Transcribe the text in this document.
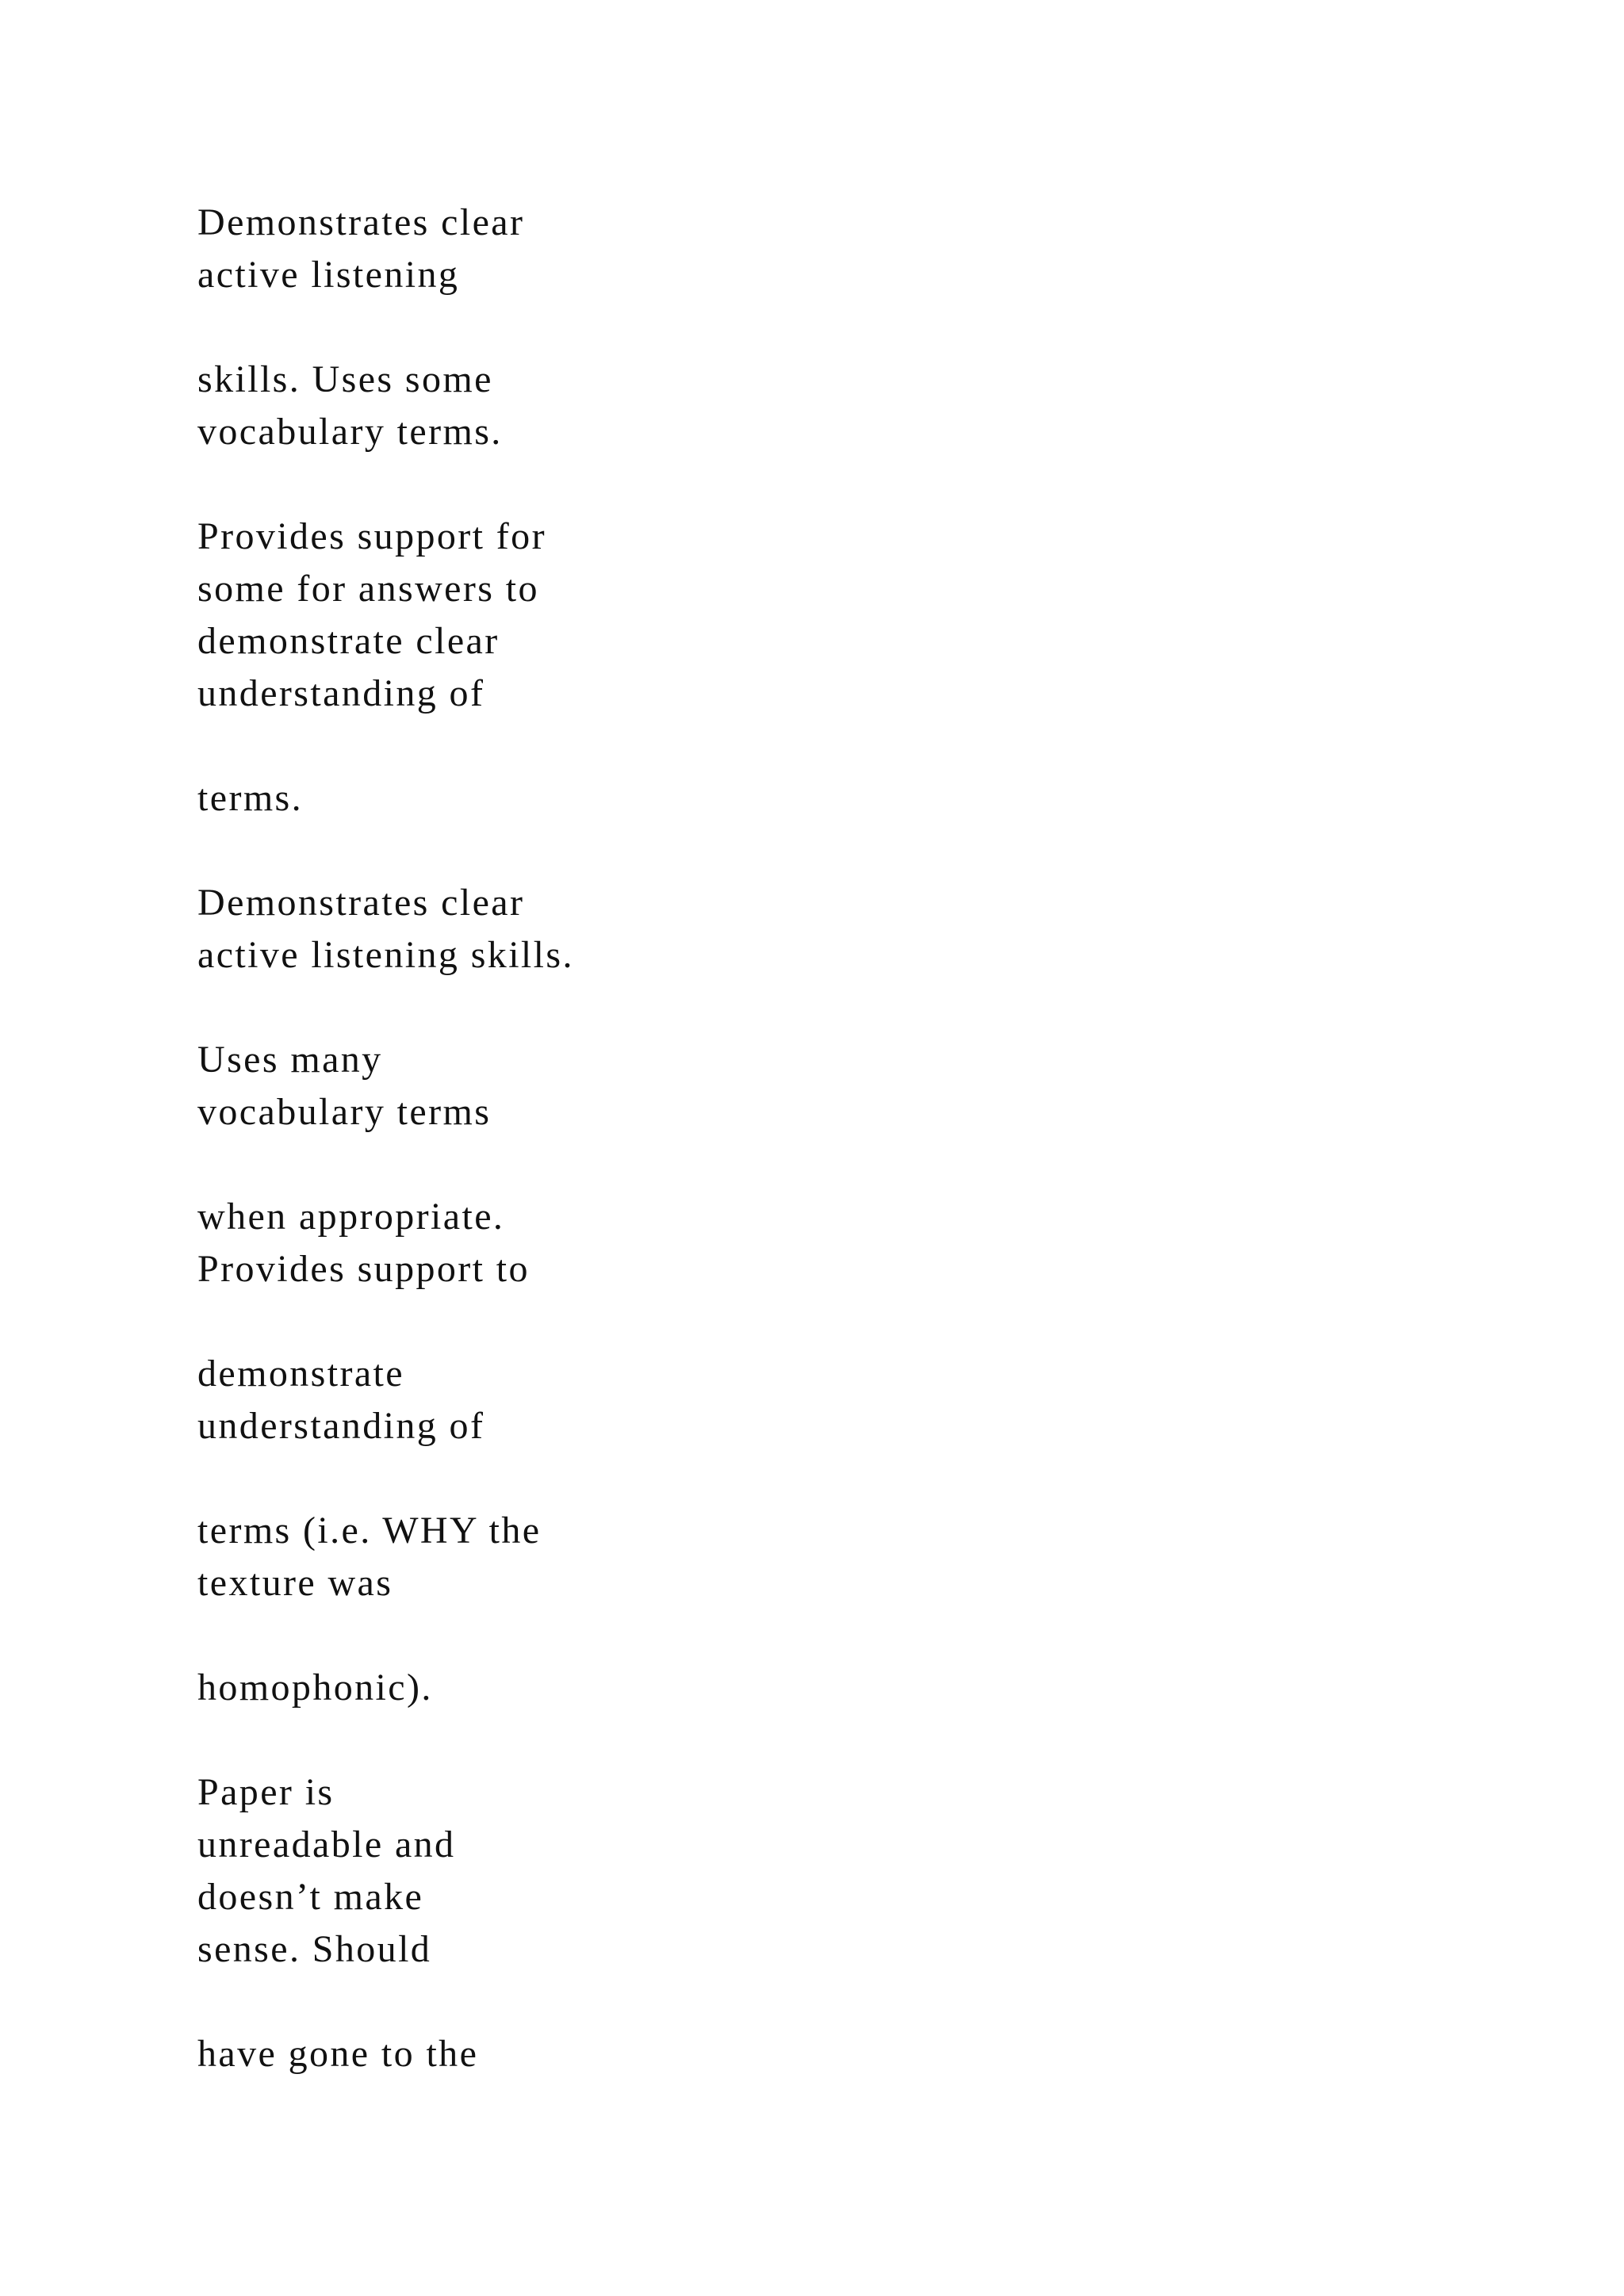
Demonstrates clear
active listening
skills. Uses some
vocabulary terms.
Provides support for
some for answers to
demonstrate clear
understanding of
terms.
Demonstrates clear
active listening skills.
Uses many
vocabulary terms
when appropriate.
Provides support to
demonstrate
understanding of
terms (i.e. WHY the
texture was
homophonic).
Paper is
unreadable and
doesn’t make
sense. Should
have gone to the
